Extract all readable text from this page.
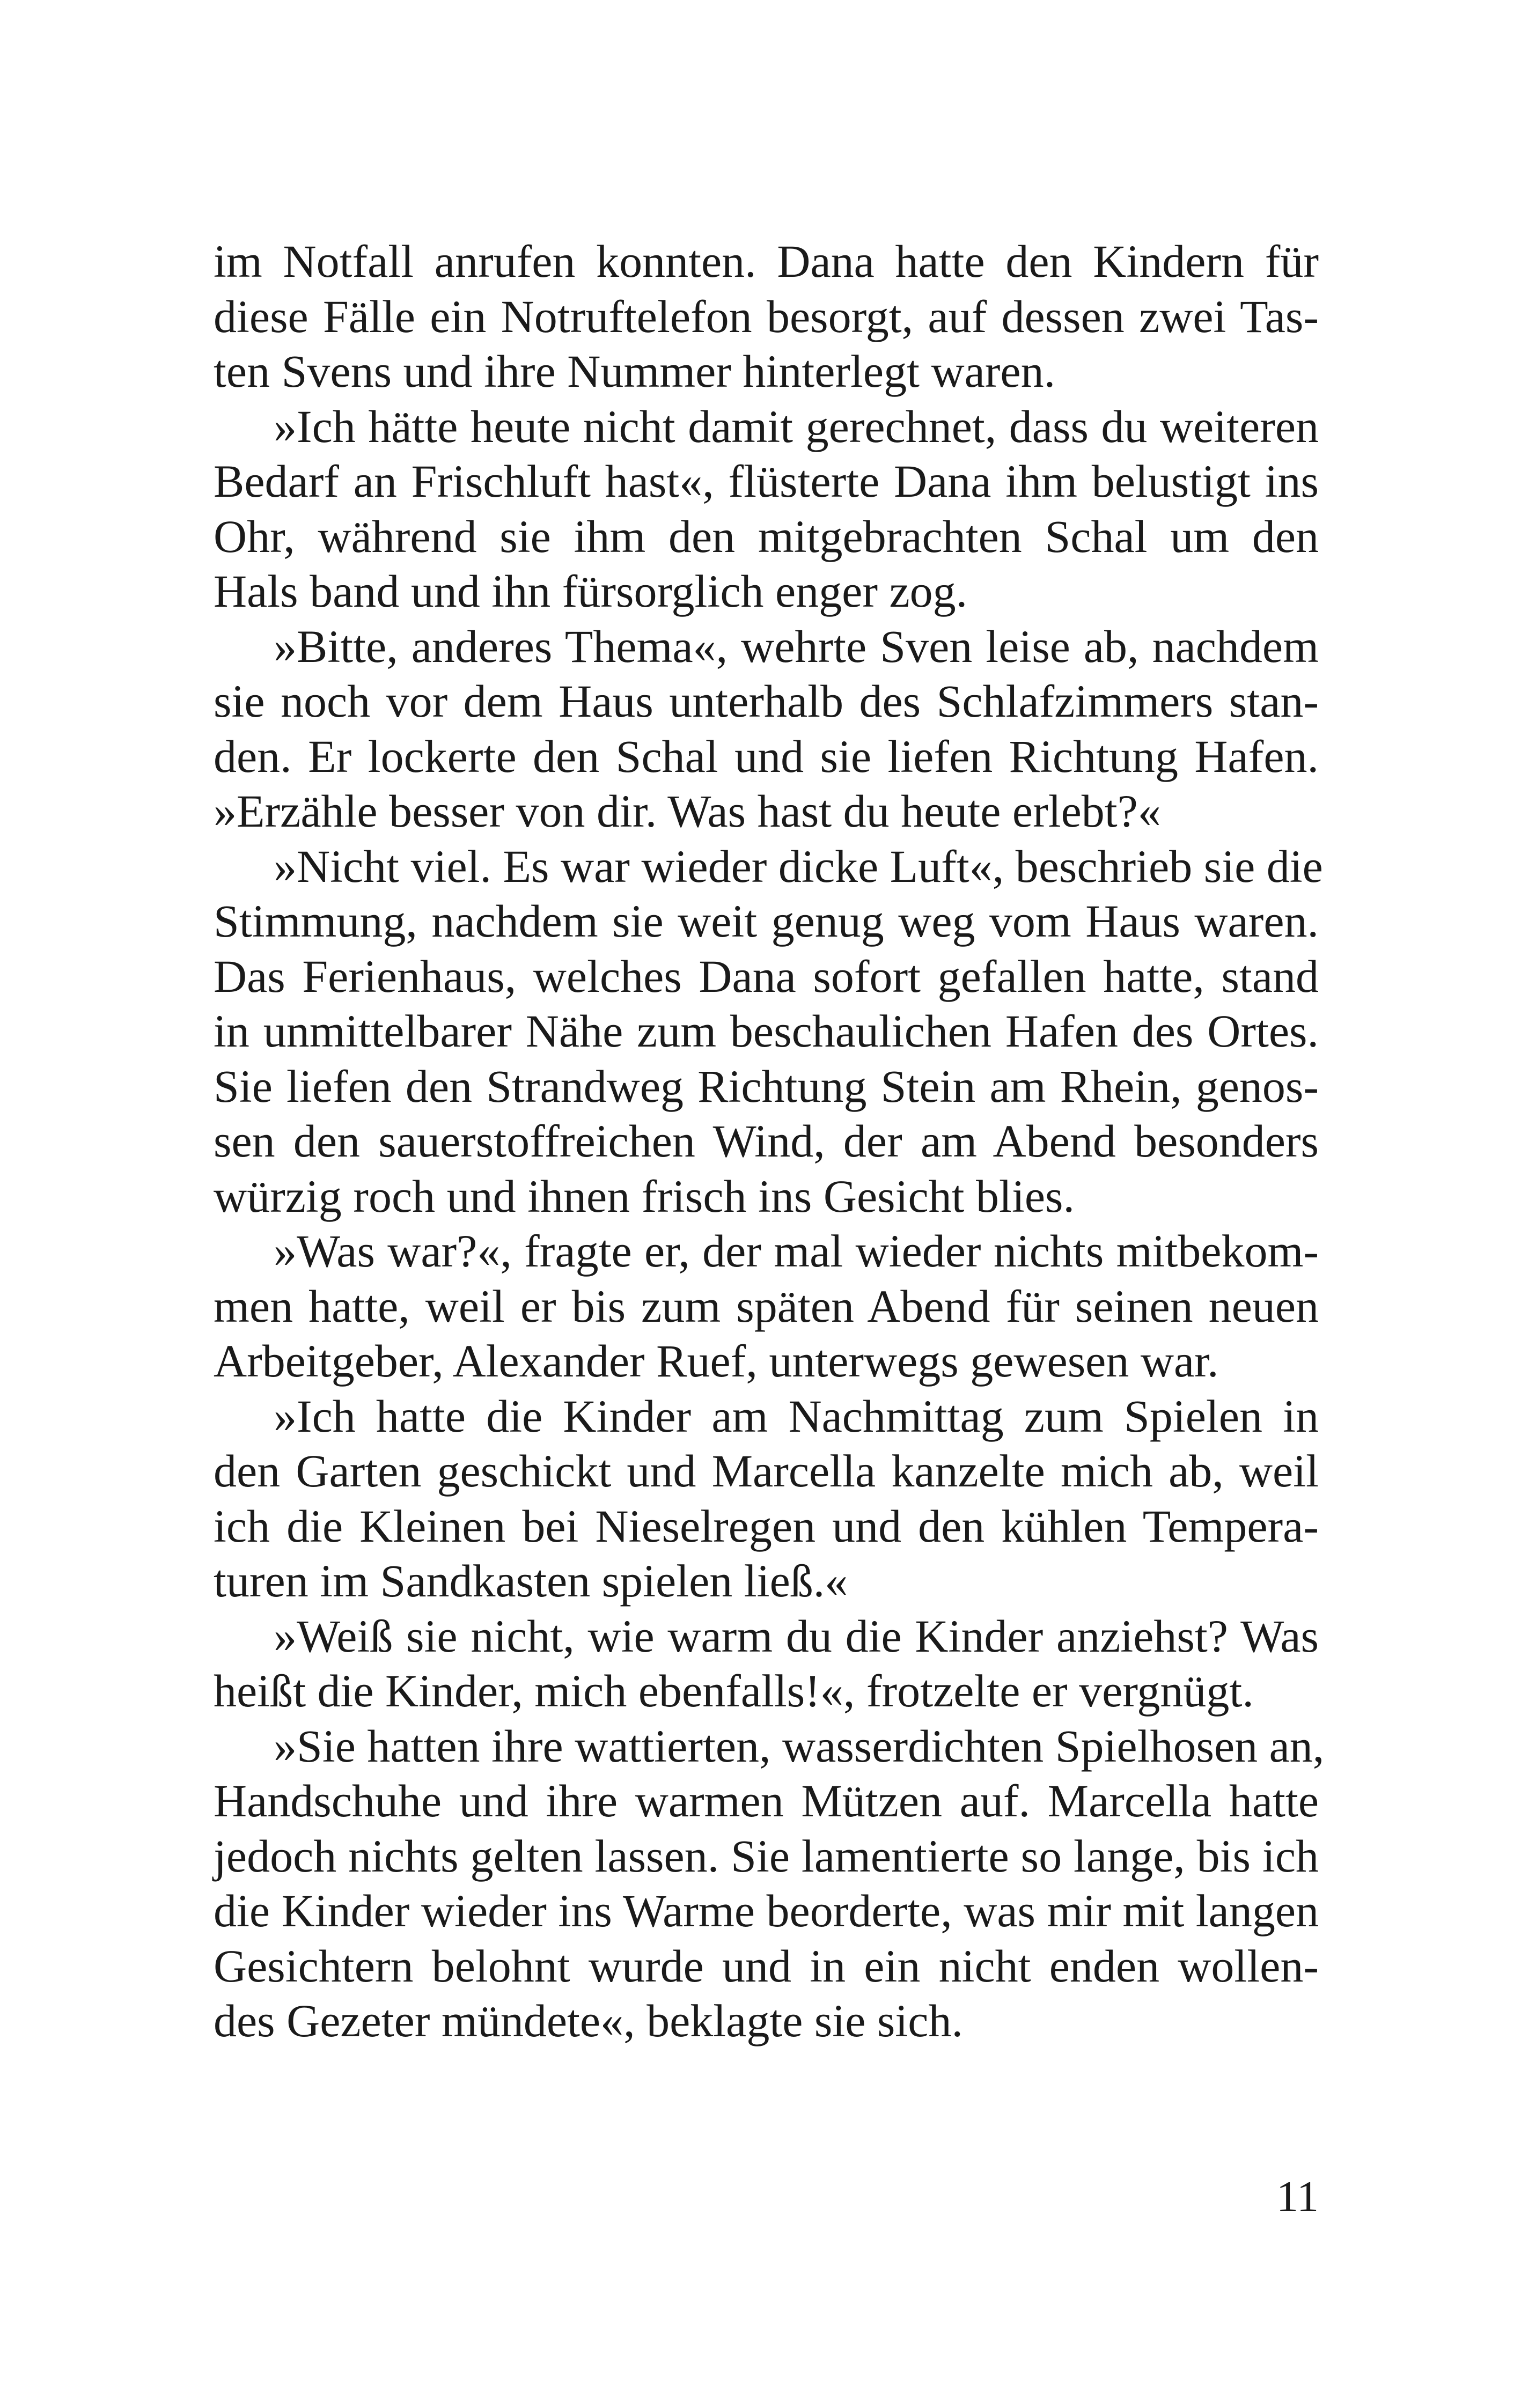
im Notfall anrufen konnten. Dana hatte den Kindern für
diese Fälle ein Notruftelefon besorgt, auf dessen zwei Tas-
ten Svens und ihre Nummer hinterlegt waren.
»Ich hätte heute nicht damit gerechnet, dass du weiteren
Bedarf an Frischluft hast«, flüsterte Dana ihm belustigt ins
Ohr, während sie ihm den mitgebrachten Schal um den
Hals band und ihn fürsorglich enger zog.
»Bitte, anderes Thema«, wehrte Sven leise ab, nachdem
sie noch vor dem Haus unterhalb des Schlafzimmers stan-
den. Er lockerte den Schal und sie liefen Richtung Hafen.
»Erzähle besser von dir. Was hast du heute erlebt?«
»Nicht viel. Es war wieder dicke Luft«, beschrieb sie die
Stimmung, nachdem sie weit genug weg vom Haus waren.
Das Ferienhaus, welches Dana sofort gefallen hatte, stand
in unmittelbarer Nähe zum beschaulichen Hafen des Ortes.
Sie liefen den Strandweg Richtung Stein am Rhein, genos-
sen den sauerstoffreichen Wind, der am Abend besonders
würzig roch und ihnen frisch ins Gesicht blies.
»Was war?«, fragte er, der mal wieder nichts mitbekom-
men hatte, weil er bis zum späten Abend für seinen neuen
Arbeitgeber, Alexander Ruef, unterwegs gewesen war.
»Ich hatte die Kinder am Nachmittag zum Spielen in
den Garten geschickt und Marcella kanzelte mich ab, weil
ich die Kleinen bei Nieselregen und den kühlen Tempera-
turen im Sandkasten spielen ließ.«
»Weiß sie nicht, wie warm du die Kinder anziehst? Was
heißt die Kinder, mich ebenfalls!«, frotzelte er vergnügt.
»Sie hatten ihre wattierten, wasserdichten Spielhosen an,
Handschuhe und ihre warmen Mützen auf. Marcella hatte
jedoch nichts gelten lassen. Sie lamentierte so lange, bis ich
die Kinder wieder ins Warme beorderte, was mir mit langen
Gesichtern belohnt wurde und in ein nicht enden wollen-
des Gezeter mündete«, beklagte sie sich.
11
